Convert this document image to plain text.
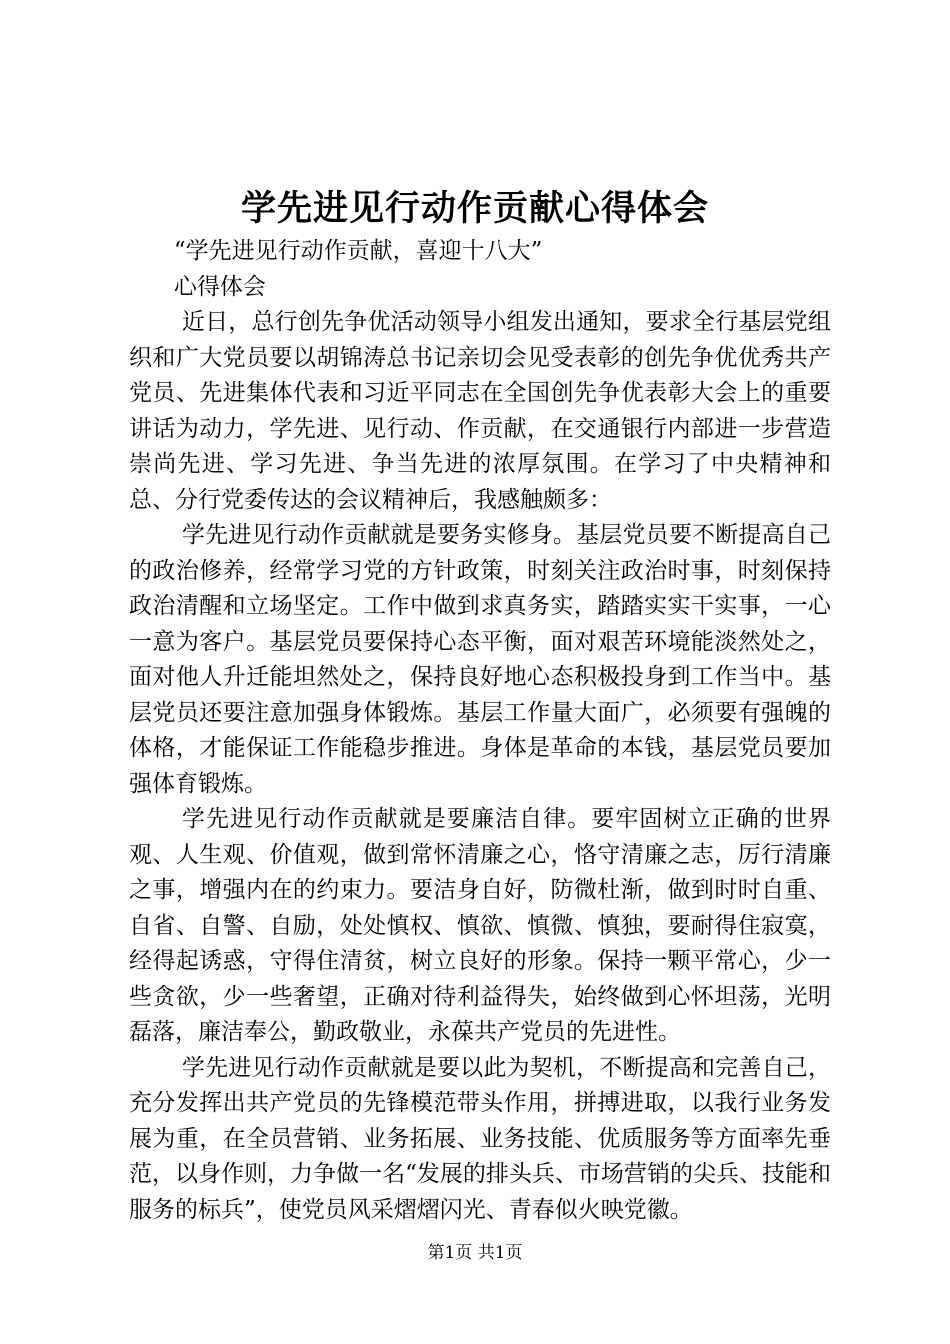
学先进见行动作贡献心得体会

“学先进见行动作贡献，喜迎十八大”

心得体会

近日，总行创先争优活动领导小组发出通知，要求全行基层党组织和广大党员要以胡锦涛总书记亲切会见受表彰的创先争优优秀共产党员、先进集体代表和习近平同志在全国创先争优表彰大会上的重要讲话为动力，学先进、见行动、作贡献，在交通银行内部进一步营造崇尚先进、学习先进、争当先进的浓厚氛围。在学习了中央精神和总、分行党委传达的会议精神后，我感触颇多：

学先进见行动作贡献就是要务实修身。基层党员要不断提高自己的政治修养，经常学习党的方针政策，时刻关注政治时事，时刻保持政治清醒和立场坚定。工作中做到求真务实，踏踏实实干实事，一心一意为客户。基层党员要保持心态平衡，面对艰苦环境能淡然处之，面对他人升迁能坦然处之，保持良好地心态积极投身到工作当中。基层党员还要注意加强身体锻炼。基层工作量大面广，必须要有强魄的体格，才能保证工作能稳步推进。身体是革命的本钱，基层党员要加强体育锻炼。

学先进见行动作贡献就是要廉洁自律。要牢固树立正确的世界观、人生观、价值观，做到常怀清廉之心，恪守清廉之志，厉行清廉之事，增强内在的约束力。要洁身自好，防微杜渐，做到时时自重、自省、自警、自励，处处慎权、慎欲、慎微、慎独，要耐得住寂寞，经得起诱惑，守得住清贫，树立良好的形象。保持一颗平常心，少一些贪欲，少一些奢望，正确对待利益得失，始终做到心怀坦荡，光明磊落，廉洁奉公，勤政敬业，永葆共产党员的先进性。

学先进见行动作贡献就是要以此为契机，不断提高和完善自己，充分发挥出共产党员的先锋模范带头作用，拼搏进取，以我行业务发展为重，在全员营销、业务拓展、业务技能、优质服务等方面率先垂范，以身作则，力争做一名“发展的排头兵、市场营销的尖兵、技能和服务的标兵”，使党员风采熠熠闪光、青春似火映党徽。

第1页 共1页
